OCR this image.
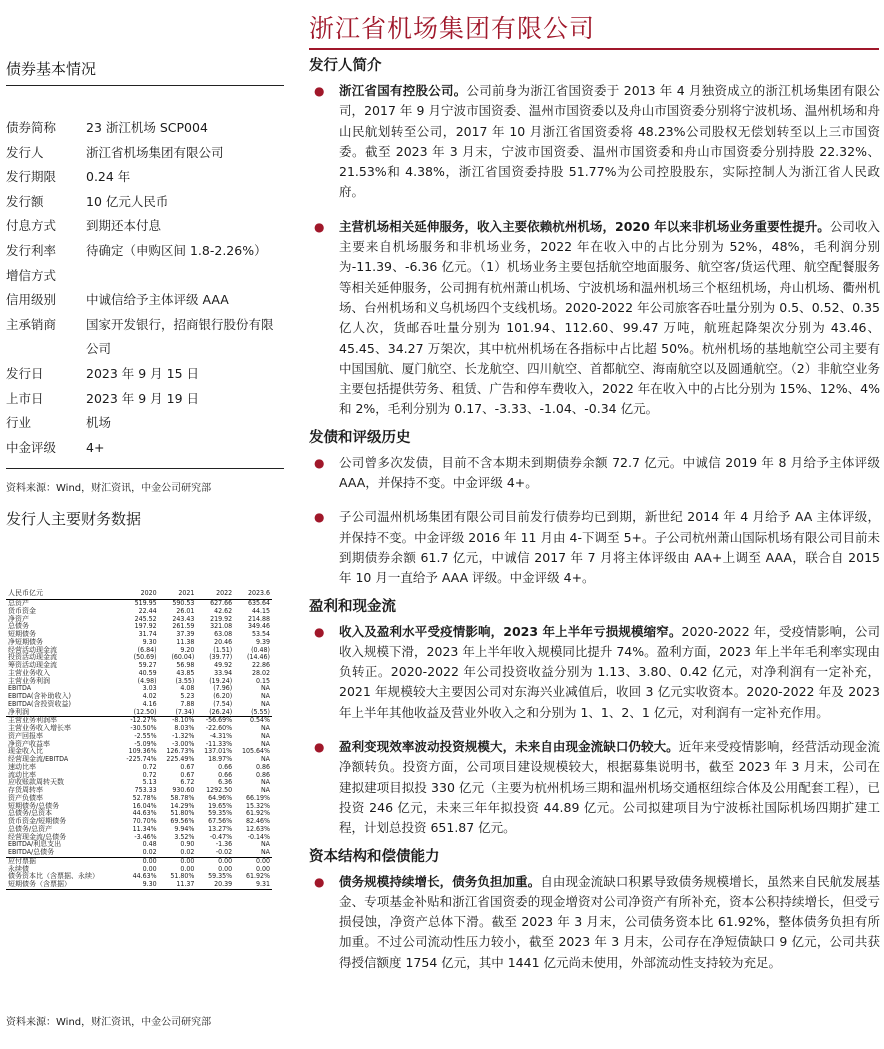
浙江省机场集团有限公司
债券基本情况
债券简称	23 浙江机场 SCP004
发行人	浙江省机场集团有限公司
发行期限	0.24 年
发行额	10 亿元人民币
付息方式	到期还本付息
发行利率	待确定（申购区间 1.8-2.26%）
增信方式
信用级别	中诚信给予主体评级 AAA
主承销商	国家开发银行，招商银行股份有限公司
发行日	2023 年 9 月 15 日
上市日	2023 年 9 月 19 日
行业	机场
中金评级	4+
资料来源：Wind，财汇资讯，中金公司研究部
发行人主要财务数据
人民币亿元	2020	2021	2022	2023.6
总资产	519.95	590.53	627.66	635.64
货币资金	22.44	26.01	42.62	44.15
净资产	245.52	243.43	219.92	214.88
总债务	197.92	261.59	321.08	349.46
短期债务	31.74	37.39	63.08	53.54
净短期债务	9.30	11.38	20.46	9.39
经营活动现金流	(6.84)	9.20	(1.51)	(0.48)
投资活动现金流	(50.69)	(60.04)	(39.77)	(14.46)
筹资活动现金流	59.27	56.98	49.92	22.86
主营业务收入	40.59	43.85	33.94	28.02
主营业务利润	(4.98)	(3.55)	(19.24)	0.15
EBITDA	3.03	4.08	(7.96)	NA
EBITDA(含补助收入)	4.02	5.23	(6.20)	NA
EBITDA(含投资收益)	4.16	7.88	(7.54)	NA
净利润	(12.50)	(7.34)	(26.24)	(5.55)
主营业务利润率	-12.27%	-8.10%	-56.69%	0.54%
主营业务收入增长率	-30.50%	8.03%	-22.60%	NA
资产回报率	-2.55%	-1.32%	-4.31%	NA
净资产收益率	-5.09%	-3.00%	-11.33%	NA
现金收入比	109.36%	126.73%	137.01%	105.64%
经营现金流/EBITDA	-225.74%	225.49%	18.97%	NA
速动比率	0.72	0.67	0.66	0.86
流动比率	0.72	0.67	0.66	0.86
应收账款周转天数	5.13	6.72	6.36	NA
存货周转率	753.33	930.60	1292.50	NA
资产负债率	52.78%	58.78%	64.96%	66.19%
短期债务/总债务	16.04%	14.29%	19.65%	15.32%
总债务/总资本	44.63%	51.80%	59.35%	61.92%
货币资金/短期债务	70.70%	69.56%	67.56%	82.46%
总债务/总资产	11.34%	9.94%	13.27%	12.63%
经营现金流/总债务	-3.46%	3.52%	-0.47%	-0.14%
EBITDA/利息支出	0.48	0.90	-1.36	NA
EBITDA/总债务	0.02	0.02	-0.02	NA
应付票据	0.00	0.00	0.00	0.00
永续债	0.00	0.00	0.00	0.00
债务资本比（含票据、永续）	44.63%	51.80%	59.35%	61.92%
短期债务（含票据）	9.30	11.37	20.39	9.31
资料来源：Wind，财汇资讯，中金公司研究部
发行人简介
● 浙江省国有控股公司。公司前身为浙江省国资委于 2013 年 4 月独资成立的浙江机场集团有限公司，2017 年 9 月宁波市国资委、温州市国资委以及舟山市国资委分别将宁波机场、温州机场和舟山民航划转至公司，2017 年 10 月浙江省国资委将 48.23%公司股权无偿划转至以上三市国资委。截至 2023 年 3 月末，宁波市国资委、温州市国资委和舟山市国资委分别持股 22.32%、21.53%和 4.38%，浙江省国资委持股 51.77%为公司控股股东，实际控制人为浙江省人民政府。
● 主营机场相关延伸服务，收入主要依赖杭州机场，2020 年以来非机场业务重要性提升。公司收入主要来自机场服务和非机场业务，2022 年在收入中的占比分别为 52%，48%，毛利润分别为-11.39、-6.36 亿元。（1）机场业务主要包括航空地面服务、航空客/货运代理、航空配餐服务等相关延伸服务，公司拥有杭州萧山机场、宁波机场和温州机场三个枢纽机场，舟山机场、衢州机场、台州机场和义乌机场四个支线机场。2020-2022 年公司旅客吞吐量分别为 0.5、0.52、0.35 亿人次，货邮吞吐量分别为 101.94、112.60、99.47 万吨，航班起降架次分别为 43.46、45.45、34.27 万架次，其中杭州机场在各指标中占比超 50%。杭州机场的基地航空公司主要有中国国航、厦门航空、长龙航空、四川航空、首都航空、海南航空以及圆通航空。（2）非航空业务主要包括提供劳务、租赁、广告和停车费收入，2022 年在收入中的占比分别为 15%、12%、4%和 2%，毛利分别为 0.17、-3.33、-1.04、-0.34 亿元。
发债和评级历史
● 公司曾多次发债，目前不含本期未到期债券余额 72.7 亿元。中诚信 2019 年 8 月给予主体评级 AAA，并保持不变。中金评级 4+。
● 子公司温州机场集团有限公司目前发行债券均已到期，新世纪 2014 年 4 月给予 AA 主体评级，并保持不变。中金评级 2016 年 11 月由 4-下调至 5+。子公司杭州萧山国际机场有限公司目前未到期债券余额 61.7 亿元，中诚信 2017 年 7 月将主体评级由 AA+上调至 AAA，联合自 2015 年 10 月一直给予 AAA 评级。中金评级 4+。
盈利和现金流
● 收入及盈利水平受疫情影响，2023 年上半年亏损规模缩窄。2020-2022 年，受疫情影响，公司收入规模下滑，2023 年上半年收入规模同比提升 74%。盈利方面，2023 年上半年毛利率实现由负转正。2020-2022 年公司投资收益分别为 1.13、3.80、0.42 亿元，对净利润有一定补充，2021 年规模较大主要因公司对东海兴业减值后，收回 3 亿元实收资本。2020-2022 年及 2023 年上半年其他收益及营业外收入之和分别为 1、1、2、1 亿元，对利润有一定补充作用。
● 盈利变现效率波动投资规模大，未来自由现金流缺口仍较大。近年来受疫情影响，经营活动现金流净额转负。投资方面，公司项目建设规模较大，根据募集说明书，截至 2023 年 3 月末，公司在建拟建项目拟投 330 亿元（主要为杭州机场三期和温州机场交通枢纽综合体及公用配套工程），已投资 246 亿元，未来三年年拟投资 44.89 亿元。公司拟建项目为宁波栎社国际机场四期扩建工程，计划总投资 651.87 亿元。
资本结构和偿债能力
● 债务规模持续增长，债务负担加重。自由现金流缺口积累导致债务规模增长，虽然来自民航发展基金、专项基金补贴和浙江省国资委的现金增资对公司净资产有所补充，资本公积持续增长，但受亏损侵蚀，净资产总体下滑。截至 2023 年 3 月末，公司债务资本比 61.92%，整体债务负担有所加重。不过公司流动性压力较小，截至 2023 年 3 月末，公司存在净短债缺口 9 亿元，公司共获得授信额度 1754 亿元，其中 1441 亿元尚未使用，外部流动性支持较为充足。
